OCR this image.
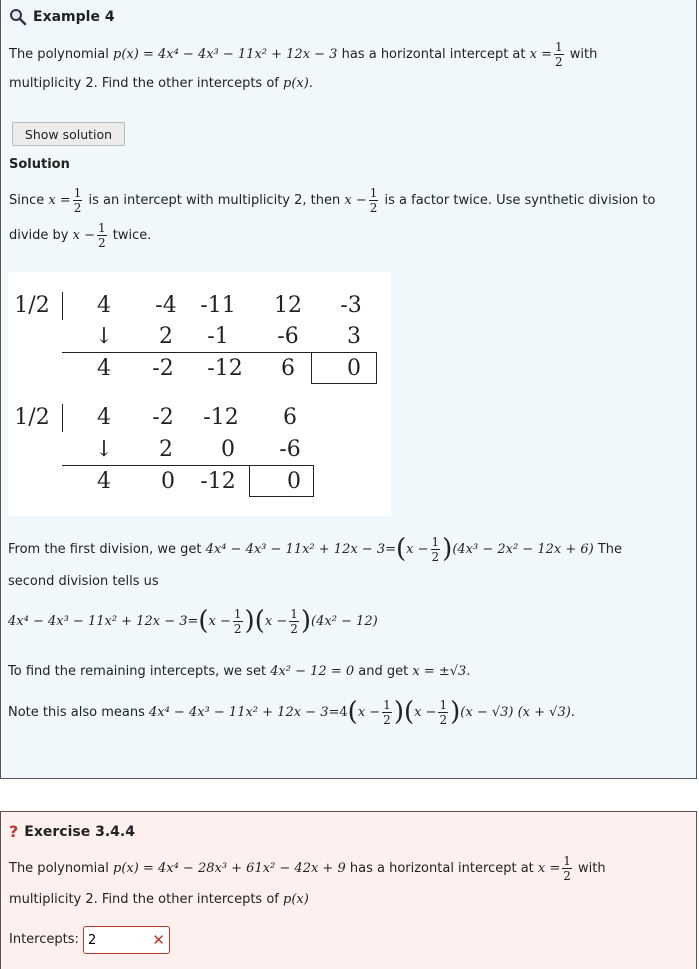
Example 4
The polynomial
p(x) = 4x⁴ − 4x³ − 11x² + 12x − 3
has a horizontal intercept at
$x = \frac{1}{2}$
with
multiplicity 2. Find the other intercepts of
p(x).
Show solution
Solution
Since
$x = \frac{1}{2}$
is an intercept with multiplicity 2, then
$x - \frac{1}{2}$
is a factor twice. Use synthetic division to
divide by
$x - \frac{1}{2}$
twice.
1/2 4 -4 -11 12 -3
↓ 2 -1 -6 3
4 -2 -12 6 0
1/2 4 -2 -12 6
↓ 2 0 -6
4 0 -12 0
From the first division, we get
4x⁴ − 4x³ − 11x² + 12x − 3= ( $x - \frac{1}{2}$ ) (4x³ − 2x² − 12x + 6)
The
second division tells us
4x⁴ − 4x³ − 11x² + 12x − 3= ( $x - \frac{1}{2}$ ) ( $x - \frac{1}{2}$ ) (4x² − 12)
To find the remaining intercepts, we set
4x² − 12 = 0
and get
x = ±√3.
Note this also means
4x⁴ − 4x³ − 11x² + 12x − 3= 4 ( $x - \frac{1}{2}$ ) ( $x - \frac{1}{2}$ ) (x − √3)
(x + √3).
? Exercise 3.4.4
The polynomial
p(x) = 4x⁴ − 28x³ + 61x² − 42x + 9
has a horizontal intercept at
$x = \frac{1}{2}$
with
multiplicity 2. Find the other intercepts of
p(x)
Intercepts:
2	✕
